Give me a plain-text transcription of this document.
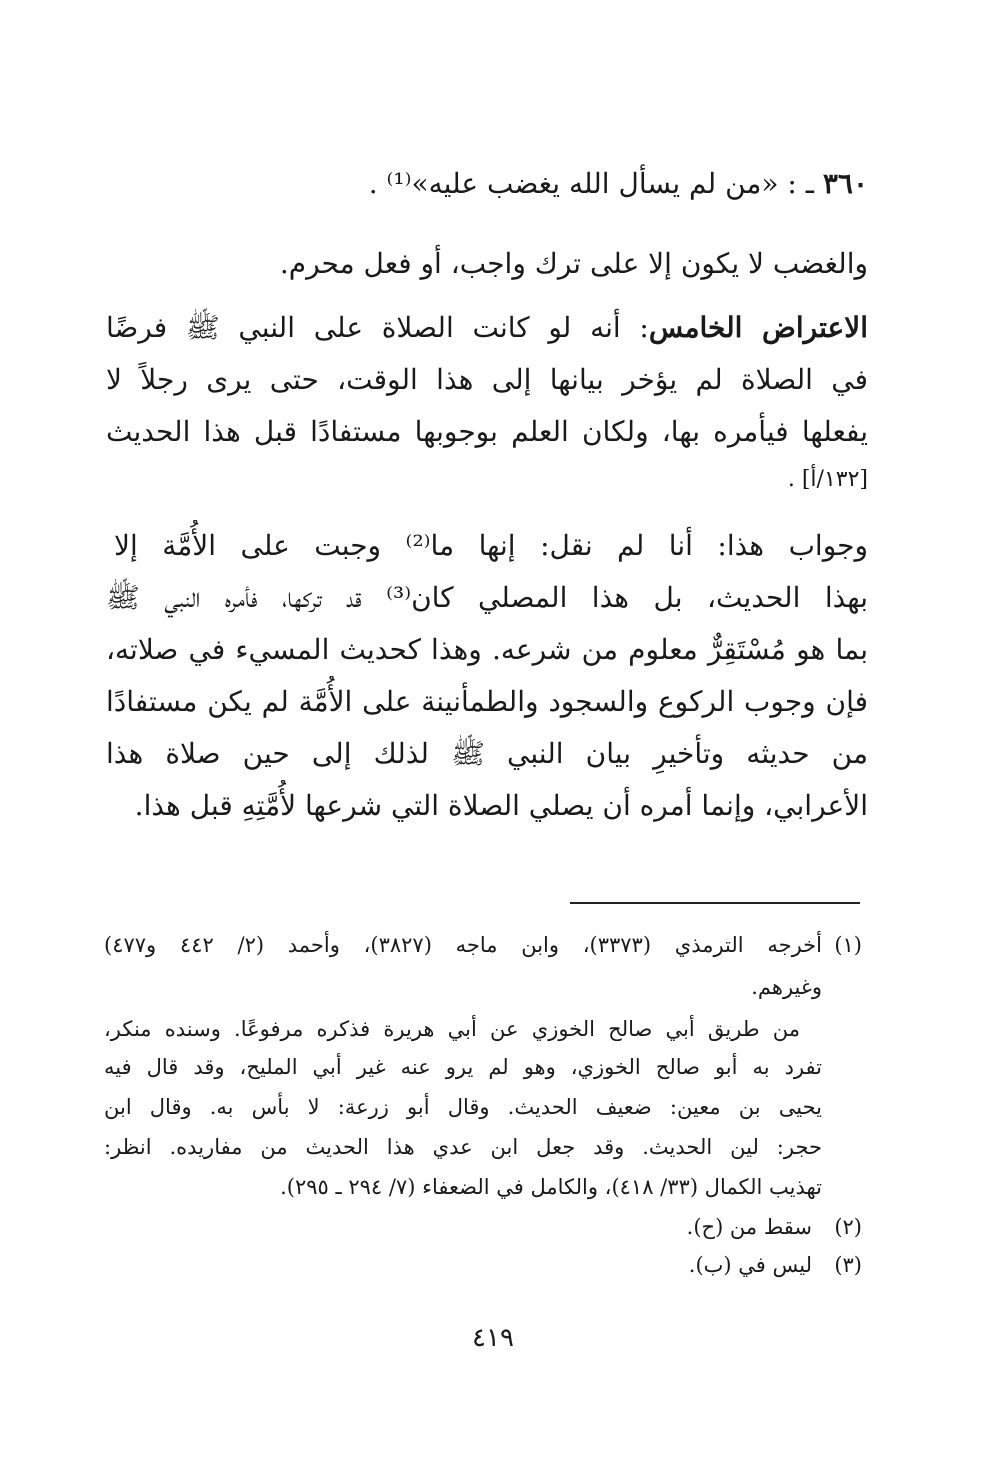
٣٦٠ ـ : «من لم يسأل الله يغضب عليه»⁽¹⁾ .
والغضب لا يكون إلا على ترك واجب، أو فعل محرم.
الاعتراض الخامس: أنه لو كانت الصلاة على النبي ﷺ فرضًا
في الصلاة لم يؤخر بيانها إلى هذا الوقت، حتى يرى رجلاً لا
يفعلها فيأمره بها، ولكان العلم بوجوبها مستفادًا قبل هذا الحديث
[١٣٢/أ] .
وجواب هذا: أنا لم نقل: إنها ما⁽²⁾ وجبت على الأُمَّة إلا
بهذا الحديث، بل هذا المصلي كان⁽³⁾ قد تركها، فأمره النبي ﷺ
بما هو مُسْتَقِرٌّ معلوم من شرعه. وهذا كحديث المسيء في صلاته،
فإن وجوب الركوع والسجود والطمأنينة على الأُمَّة لم يكن مستفادًا
من حديثه وتأخيرِ بيان النبي ﷺ لذلك إلى حين صلاة هذا
الأعرابي، وإنما أمره أن يصلي الصلاة التي شرعها لأُمَّتِهِ قبل هذا.
(١)
أخرجه الترمذي (٣٣٧٣)، وابن ماجه (٣٨٢٧)، وأحمد (٢/ ٤٤٢ و٤٧٧)
وغيرهم.
من طريق أبي صالح الخوزي عن أبي هريرة فذكره مرفوعًا. وسنده منكر،
تفرد به أبو صالح الخوزي، وهو لم يرو عنه غير أبي المليح، وقد قال فيه
يحيى بن معين: ضعيف الحديث. وقال أبو زرعة: لا بأس به. وقال ابن
حجر: لين الحديث. وقد جعل ابن عدي هذا الحديث من مفاريده. انظر:
تهذيب الكمال (٣٣/ ٤١٨)، والكامل في الضعفاء (٧/ ٢٩٤ ـ ٢٩٥).
(٢)
سقط من (ح).
(٣)
ليس في (ب).
٤١٩
